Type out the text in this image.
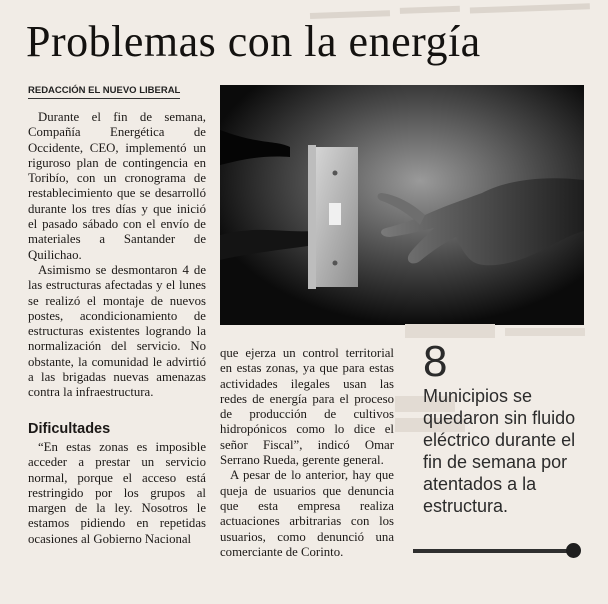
Problemas con la energía
REDACCIÓN EL NUEVO LIBERAL

Durante el fin de semana, Compañía Energética de Occidente, CEO, implementó un riguroso plan de contingencia en Toribío, con un cronograma de restablecimiento que se desarrolló durante los tres días y que inició el pasado sábado con el envío de materiales a Santander de Quilichao.

Asimismo se desmontaron 4 de las estructuras afectadas y el lunes se realizó el montaje de nuevos postes, acondicionamiento de estructuras existentes logrando la normalización del servicio. No obstante, la comunidad le advirtió a las brigadas nuevas amenazas contra la infraestructura.

Dificultades

“En estas zonas es imposible acceder a prestar un servicio normal, porque el acceso está restringido por los grupos al margen de la ley. Nosotros le estamos pidiendo en repetidas ocasiones al Gobierno Nacional

que ejerza un control territorial en estas zonas, ya que para estas actividades ilegales usan las redes de energía para el proceso de producción de cultivos hidropónicos como lo dice el señor Fiscal”, indicó Omar Serrano Rueda, gerente general.

A pesar de lo anterior, hay que queja de usuarios que denuncia que esta empresa realiza actuaciones arbitrarias con los usuarios, como denunció una comerciante de Corinto.

8
Municipios se quedaron sin fluido eléctrico durante el fin de semana por atentados a la estructura.
